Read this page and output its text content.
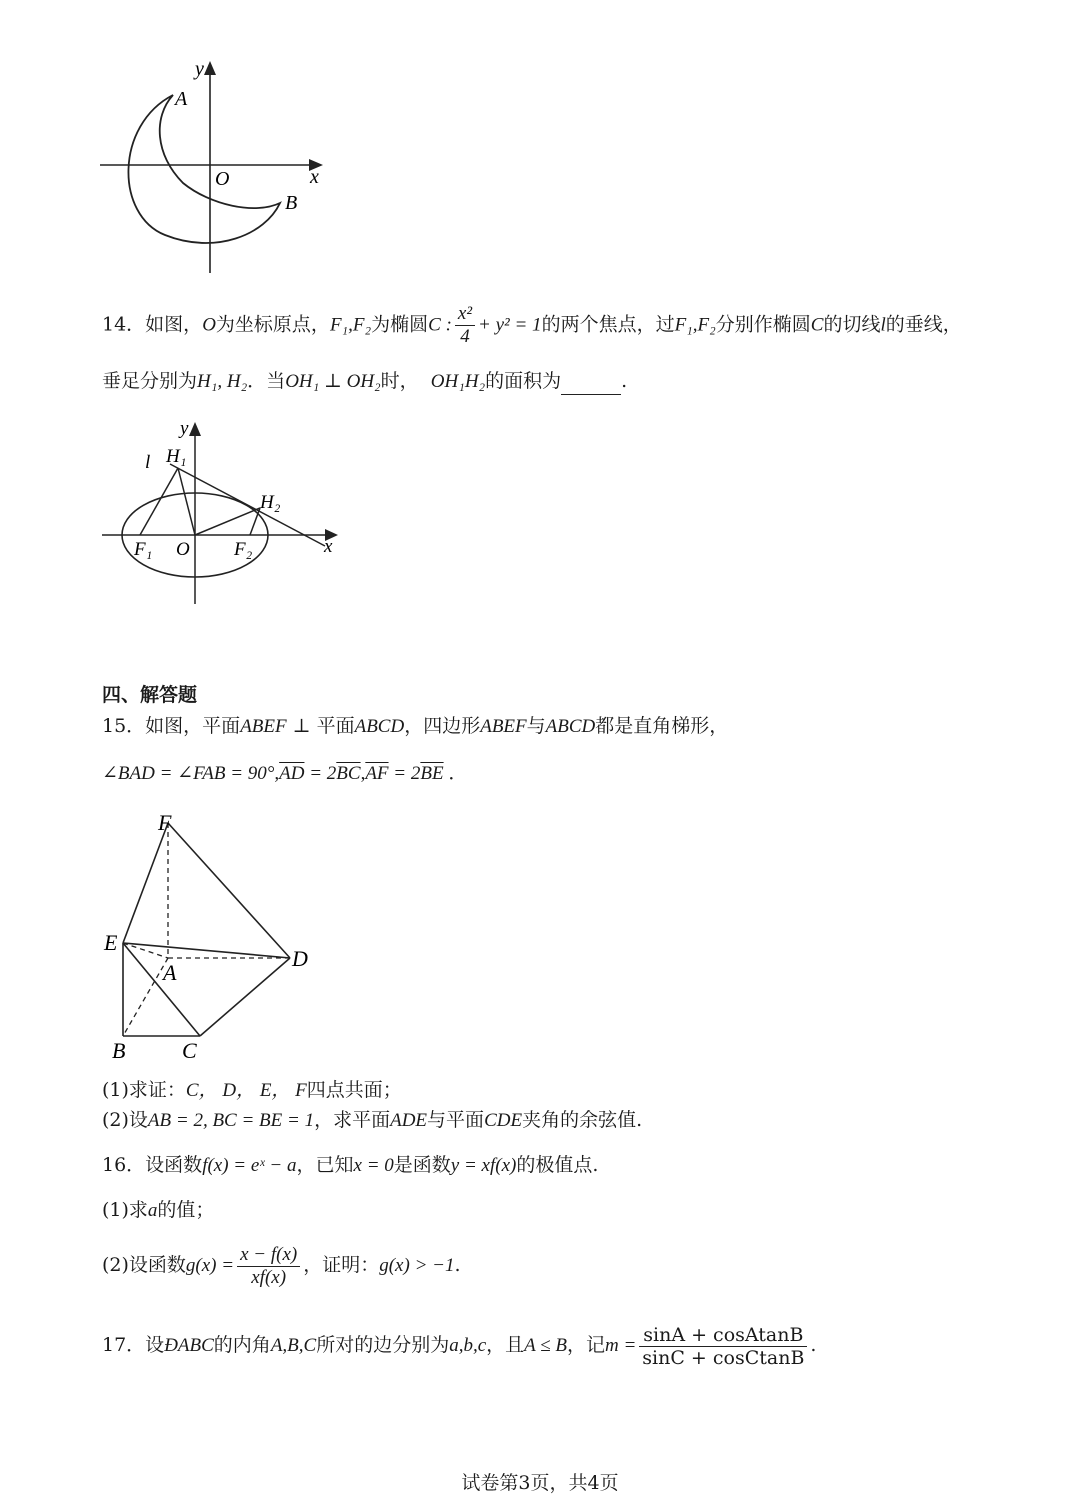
y
A
O	x
B
14．如图，O为坐标原点，F₁,F₂为椭圆C : $\frac{\text{x²}}{4} + y^2 = 1$的两个焦点，过F₁,F₂分别作椭圆C的切线l的垂线，
垂足分别为H₁, H₂．当OH₁ ⊥ OH₂时， OH₁H₂的面积为	.
y
l H₁
H₂
F₁ O F₂	x
四、解答题
15．如图，平面ABEF ⊥ 平面ABCD，四边形ABEF与ABCD都是直角梯形，
∠BAD = ∠FAB = $90^\circ,\overline{AD} = 2\overline{BC},\overline{AF} = 2\overline{BE}$ ．
F
E
A
D
B	C
(1)求证：C， D， E， F四点共面；
(2)设AB = 2, BC = BE = 1，求平面ADE与平面CDE夹角的余弦值.
16．设函数f(x) = eˣ − a，已知x = 0是函数y = xf(x)的极值点.
(1)求a的值；
(2)设函数$g(x) = \frac{x - f(x)}{xf(x)}$ ，证明：g(x) > −1.
17．设ÐABC的内角A,B,C所对的边分别为a,b,c，且A ≤ B，记$m = \frac{\text{sinA + cosAtanB}}{\text{sinC + cosCtanB}}$ .
试卷第3页，共4页
